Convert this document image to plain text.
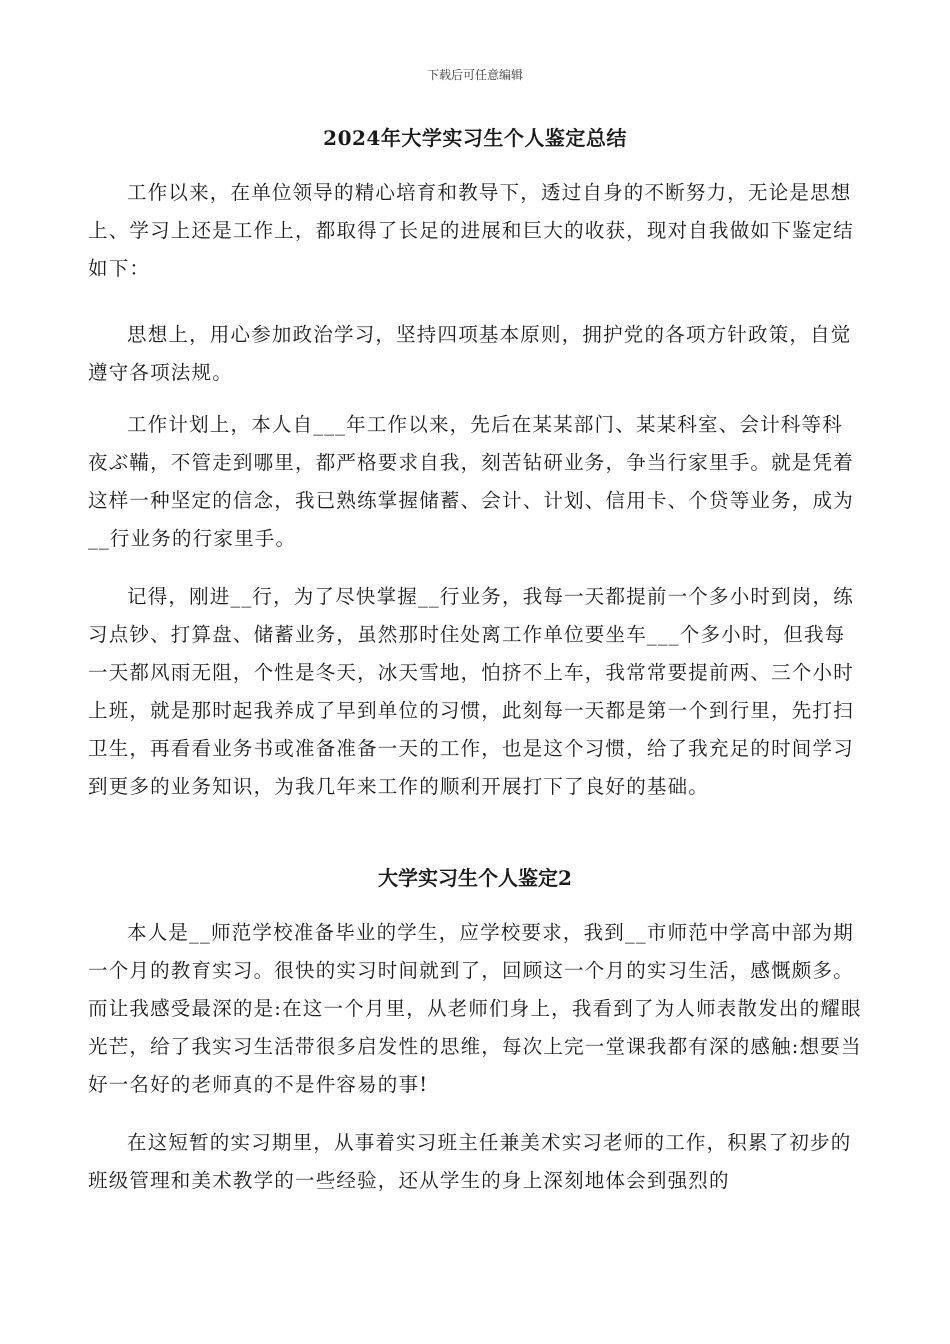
下载后可任意编辑
2024年大学实习生个人鉴定总结

工作以来，在单位领导的精心培育和教导下，透过自身的不断努力，无论是思想上、学习上还是工作上，都取得了长足的进展和巨大的收获，现对自我做如下鉴定结如下：

思想上，用心参加政治学习，坚持四项基本原则，拥护党的各项方针政策，自觉遵守各项法规。

工作计划上，本人自___年工作以来，先后在某某部门、某某科室、会计科等科夜ぶ鞴，不管走到哪里，都严格要求自我，刻苦钻研业务，争当行家里手。就是凭着这样一种坚定的信念，我已熟练掌握储蓄、会计、计划、信用卡、个贷等业务，成为__行业务的行家里手。

记得，刚进__行，为了尽快掌握__行业务，我每一天都提前一个多小时到岗，练习点钞、打算盘、储蓄业务，虽然那时住处离工作单位要坐车___个多小时，但我每一天都风雨无阻，个性是冬天，冰天雪地，怕挤不上车，我常常要提前两、三个小时上班，就是那时起我养成了早到单位的习惯，此刻每一天都是第一个到行里，先打扫卫生，再看看业务书或准备准备一天的工作，也是这个习惯，给了我充足的时间学习到更多的业务知识，为我几年来工作的顺利开展打下了良好的基础。

大学实习生个人鉴定2

本人是__师范学校准备毕业的学生，应学校要求，我到__市师范中学高中部为期一个月的教育实习。很快的实习时间就到了，回顾这一个月的实习生活，感慨颇多。而让我感受最深的是:在这一个月里，从老师们身上，我看到了为人师表散发出的耀眼光芒，给了我实习生活带很多启发性的思维，每次上完一堂课我都有深的感触:想要当好一名好的老师真的不是件容易的事!

在这短暂的实习期里，从事着实习班主任兼美术实习老师的工作，积累了初步的班级管理和美术教学的一些经验，还从学生的身上深刻地体会到强烈的
